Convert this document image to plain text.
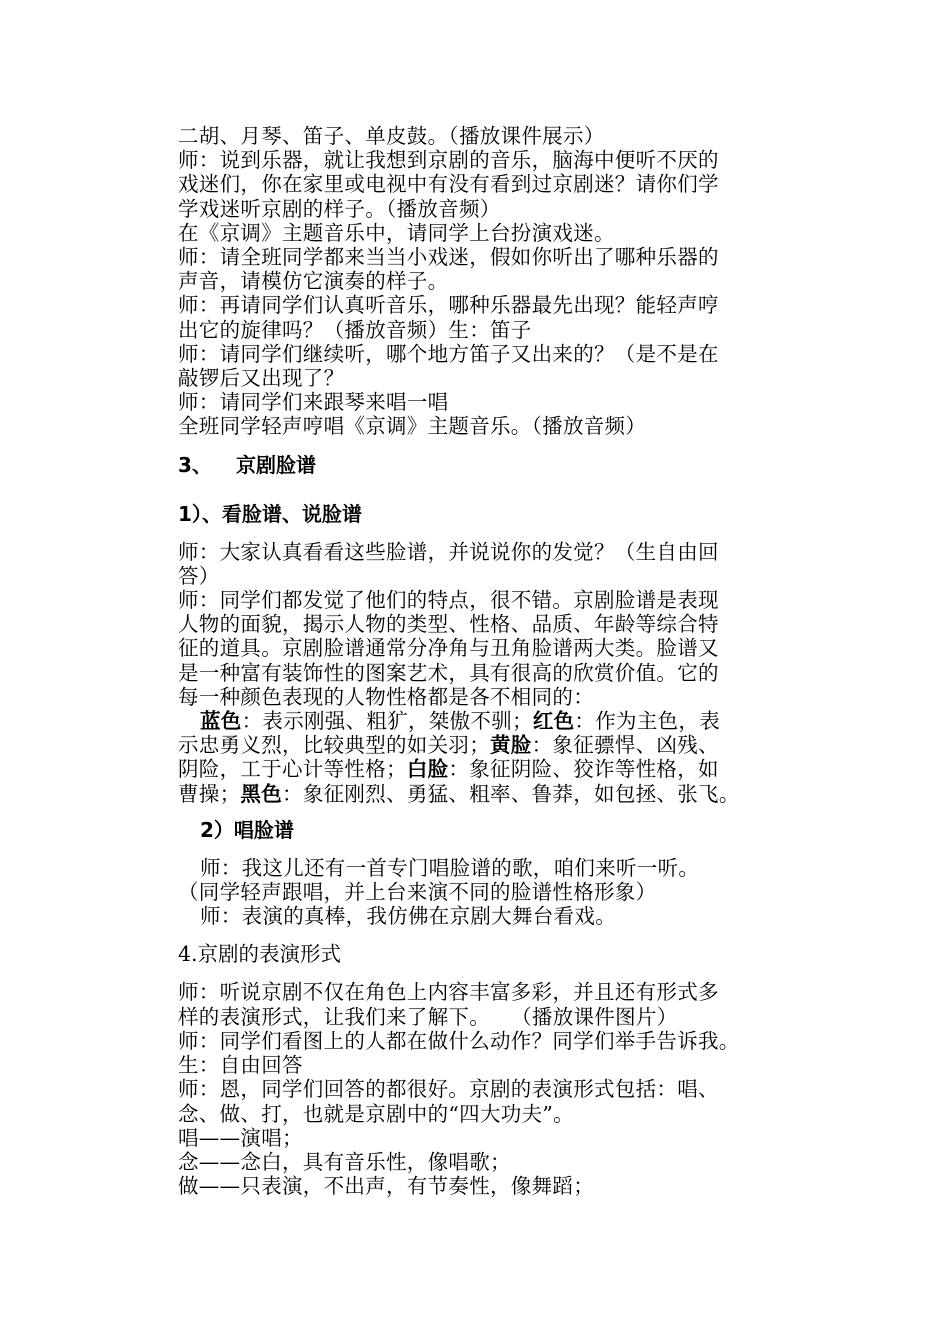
二胡、月琴、笛子、单皮鼓。（播放课件展示）
师：说到乐器，就让我想到京剧的音乐，脑海中便听不厌的
戏迷们，你在家里或电视中有没有看到过京剧迷？请你们学
学戏迷听京剧的样子。（播放音频）
在《京调》主题音乐中，请同学上台扮演戏迷。
师：请全班同学都来当当小戏迷，假如你听出了哪种乐器的
声音，请模仿它演奏的样子。
师：再请同学们认真听音乐，哪种乐器最先出现？能轻声哼
出它的旋律吗？（播放音频）生：笛子
师：请同学们继续听，哪个地方笛子又出来的？（是不是在
敲锣后又出现了？
师：请同学们来跟琴来唱一唱
全班同学轻声哼唱《京调》主题音乐。（播放音频）
3、 京剧脸谱
1）、看脸谱、说脸谱
师：大家认真看看这些脸谱，并说说你的发觉？（生自由回
答）
师：同学们都发觉了他们的特点，很不错。京剧脸谱是表现
人物的面貌，揭示人物的类型、性格、品质、年龄等综合特
征的道具。京剧脸谱通常分净角与丑角脸谱两大类。脸谱又
是一种富有装饰性的图案艺术，具有很高的欣赏价值。它的
每一种颜色表现的人物性格都是各不相同的：
蓝色：表示刚强、粗犷，桀傲不驯；红色：作为主色，表
示忠勇义烈，比较典型的如关羽；黄脸：象征骠悍、凶残、
阴险，工于心计等性格；白脸：象征阴险、狡诈等性格，如
曹操；黑色：象征刚烈、勇猛、粗率、鲁莽，如包拯、张飞。
2）唱脸谱
师：我这儿还有一首专门唱脸谱的歌，咱们来听一听。
（同学轻声跟唱，并上台来演不同的脸谱性格形象）
师：表演的真棒，我仿佛在京剧大舞台看戏。
4.京剧的表演形式
师：听说京剧不仅在角色上内容丰富多彩，并且还有形式多
样的表演形式，让我们来了解下。　　（播放课件图片）
师：同学们看图上的人都在做什么动作？同学们举手告诉我。
生：自由回答
师：恩，同学们回答的都很好。京剧的表演形式包括：唱、
念、做、打，也就是京剧中的“四大功夫”。
唱——演唱；
念——念白，具有音乐性，像唱歌；
做——只表演，不出声，有节奏性，像舞蹈；
